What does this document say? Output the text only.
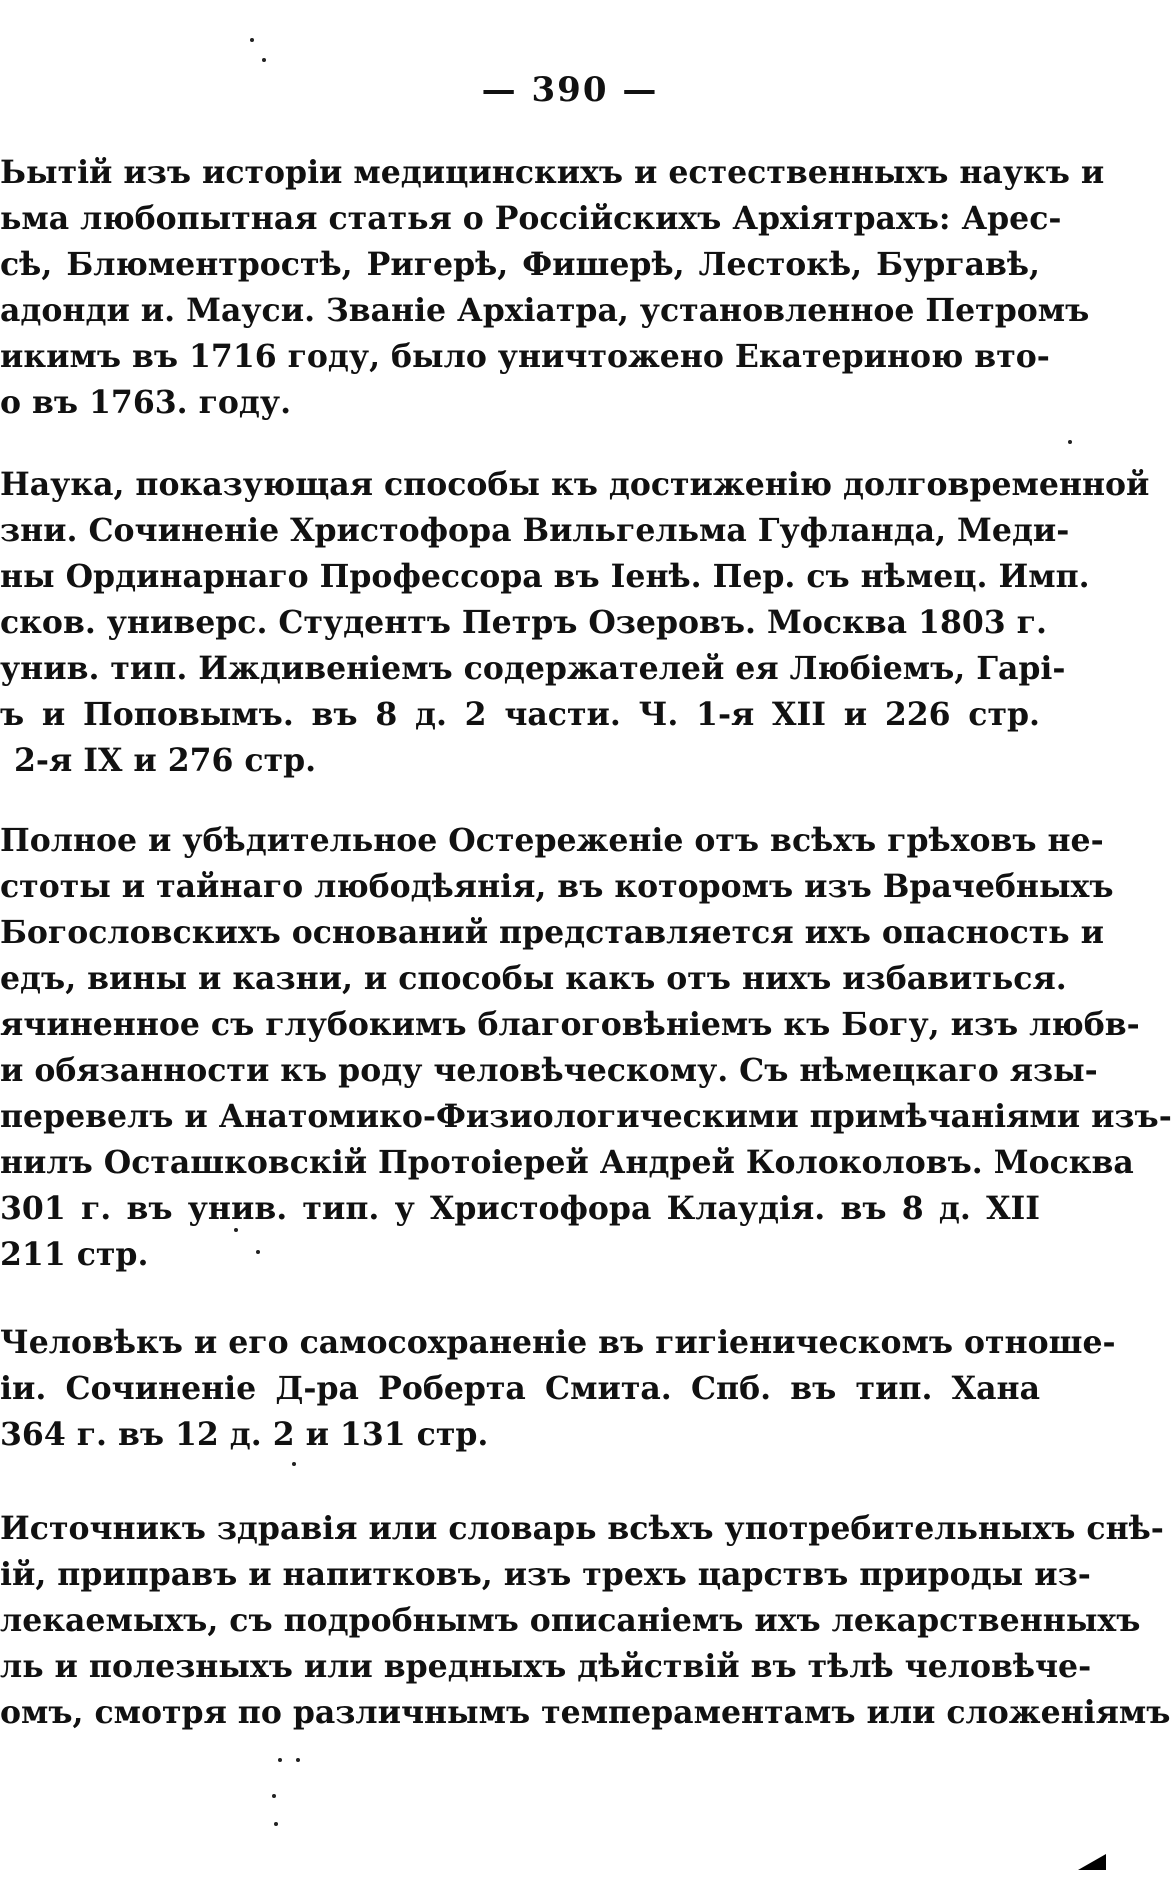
— 390 —
Ьытій изъ исторіи медицинскихъ и естественныхъ наукъ и
ьма любопытная статья о Россійскихъ Архіятрахъ: Арес-
сѣ, Блюментростѣ, Ригерѣ, Фишерѣ, Лестокѣ, Бургавѣ,
адонди и. Мауси. Званіе Архіатра, установленное Петромъ
икимъ въ 1716 году, было уничтожено Екатериною вто-
о въ 1763. году.
Наука, показующая способы къ достиженію долговременной
зни. Сочиненіе Христофора Вильгельма Гуфланда, Меди-
ны Ординарнаго Профессора въ Іенѣ. Пер. съ нѣмец. Имп.
сков. универс. Студентъ Петръ Озеровъ. Москва 1803 г.
унив. тип. Иждивеніемъ содержателей ея Любіемъ, Гарі-
ъ и Поповымъ. въ 8 д. 2 части. Ч. 1-я XII и 226 стр.
2-я IX и 276 стр.
Полное и убѣдительное Остереженіе отъ всѣхъ грѣховъ не-
стоты и тайнаго любодѣянія, въ которомъ изъ Врачебныхъ
Богословскихъ оснований представляется ихъ опасность и
едъ, вины и казни, и способы какъ отъ нихъ избавиться.
ячиненное съ глубокимъ благоговѣніемъ къ Богу, изъ любв-
и обязанности къ роду человѣческому. Съ нѣмецкаго язы-
перевелъ и Анатомико-Физиологическими примѣчаніями изъ-
нилъ Осташковскій Протоіерей Андрей Колоколовъ. Москва
301 г. въ унив. тип. у Христофора Клаудія. въ 8 д. XII
211 стр.
Человѣкъ и его самосохраненіе въ гигіеническомъ отноше-
іи. Сочиненіе Д-ра Роберта Смита. Спб. въ тип. Хана
364 г. въ 12 д. 2 и 131 стр.
Источникъ здравія или словарь всѣхъ употребительныхъ снѣ-
ій, приправъ и напитковъ, изъ трехъ царствъ природы из-
лекаемыхъ, съ подробнымъ описаніемъ ихъ лекарственныхъ
ль и полезныхъ или вредныхъ дѣйствій въ тѣлѣ человѣче-
омъ, смотря по различнымъ темпераментамъ или сложеніямъ
